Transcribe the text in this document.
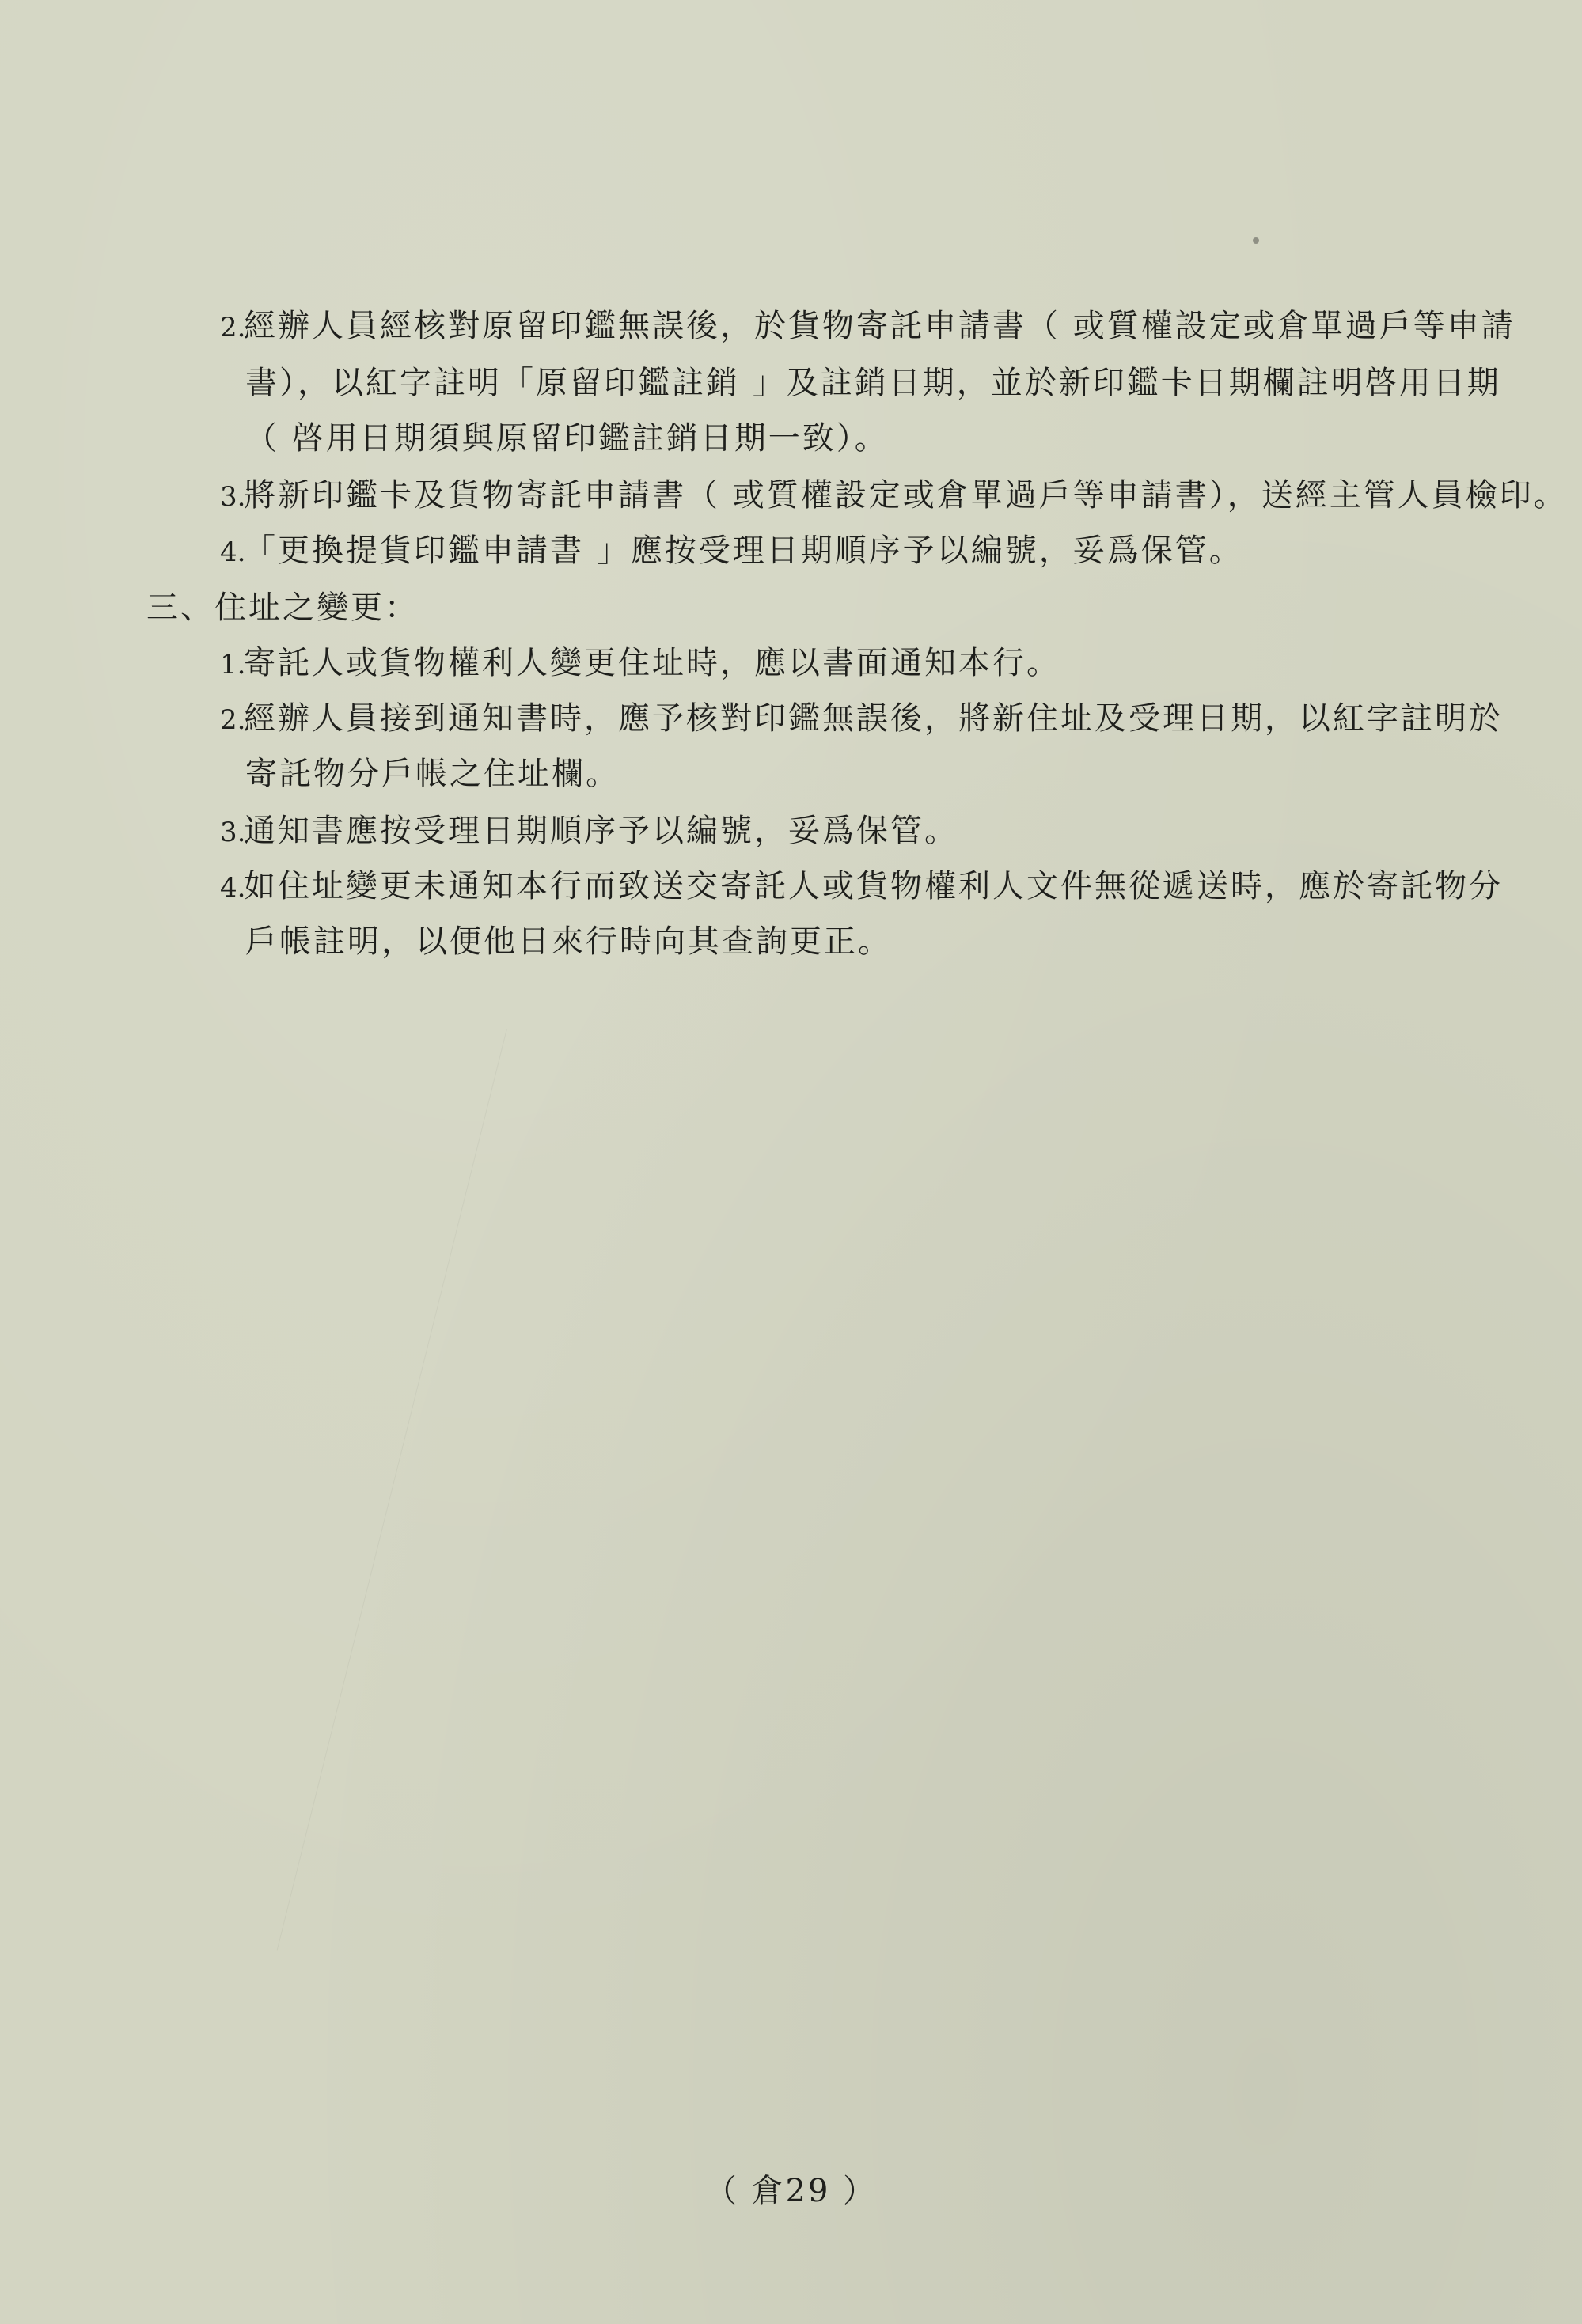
2.經辦人員經核對原留印鑑無誤後，於貨物寄託申請書（ 或質權設定或倉單過戶等申請
書），以紅字註明「原留印鑑註銷 」及註銷日期，並於新印鑑卡日期欄註明啓用日期
（ 啓用日期須與原留印鑑註銷日期一致）。
3.將新印鑑卡及貨物寄託申請書（ 或質權設定或倉單過戶等申請書），送經主管人員檢印。
4.「更換提貨印鑑申請書 」應按受理日期順序予以編號，妥爲保管。
三、住址之變更：
1.寄託人或貨物權利人變更住址時，應以書面通知本行。
2.經辦人員接到通知書時，應予核對印鑑無誤後，將新住址及受理日期，以紅字註明於
寄託物分戶帳之住址欄。
3.通知書應按受理日期順序予以編號，妥爲保管。
4.如住址變更未通知本行而致送交寄託人或貨物權利人文件無從遞送時，應於寄託物分
戶帳註明，以便他日來行時向其查詢更正。
（ 倉29 ）
